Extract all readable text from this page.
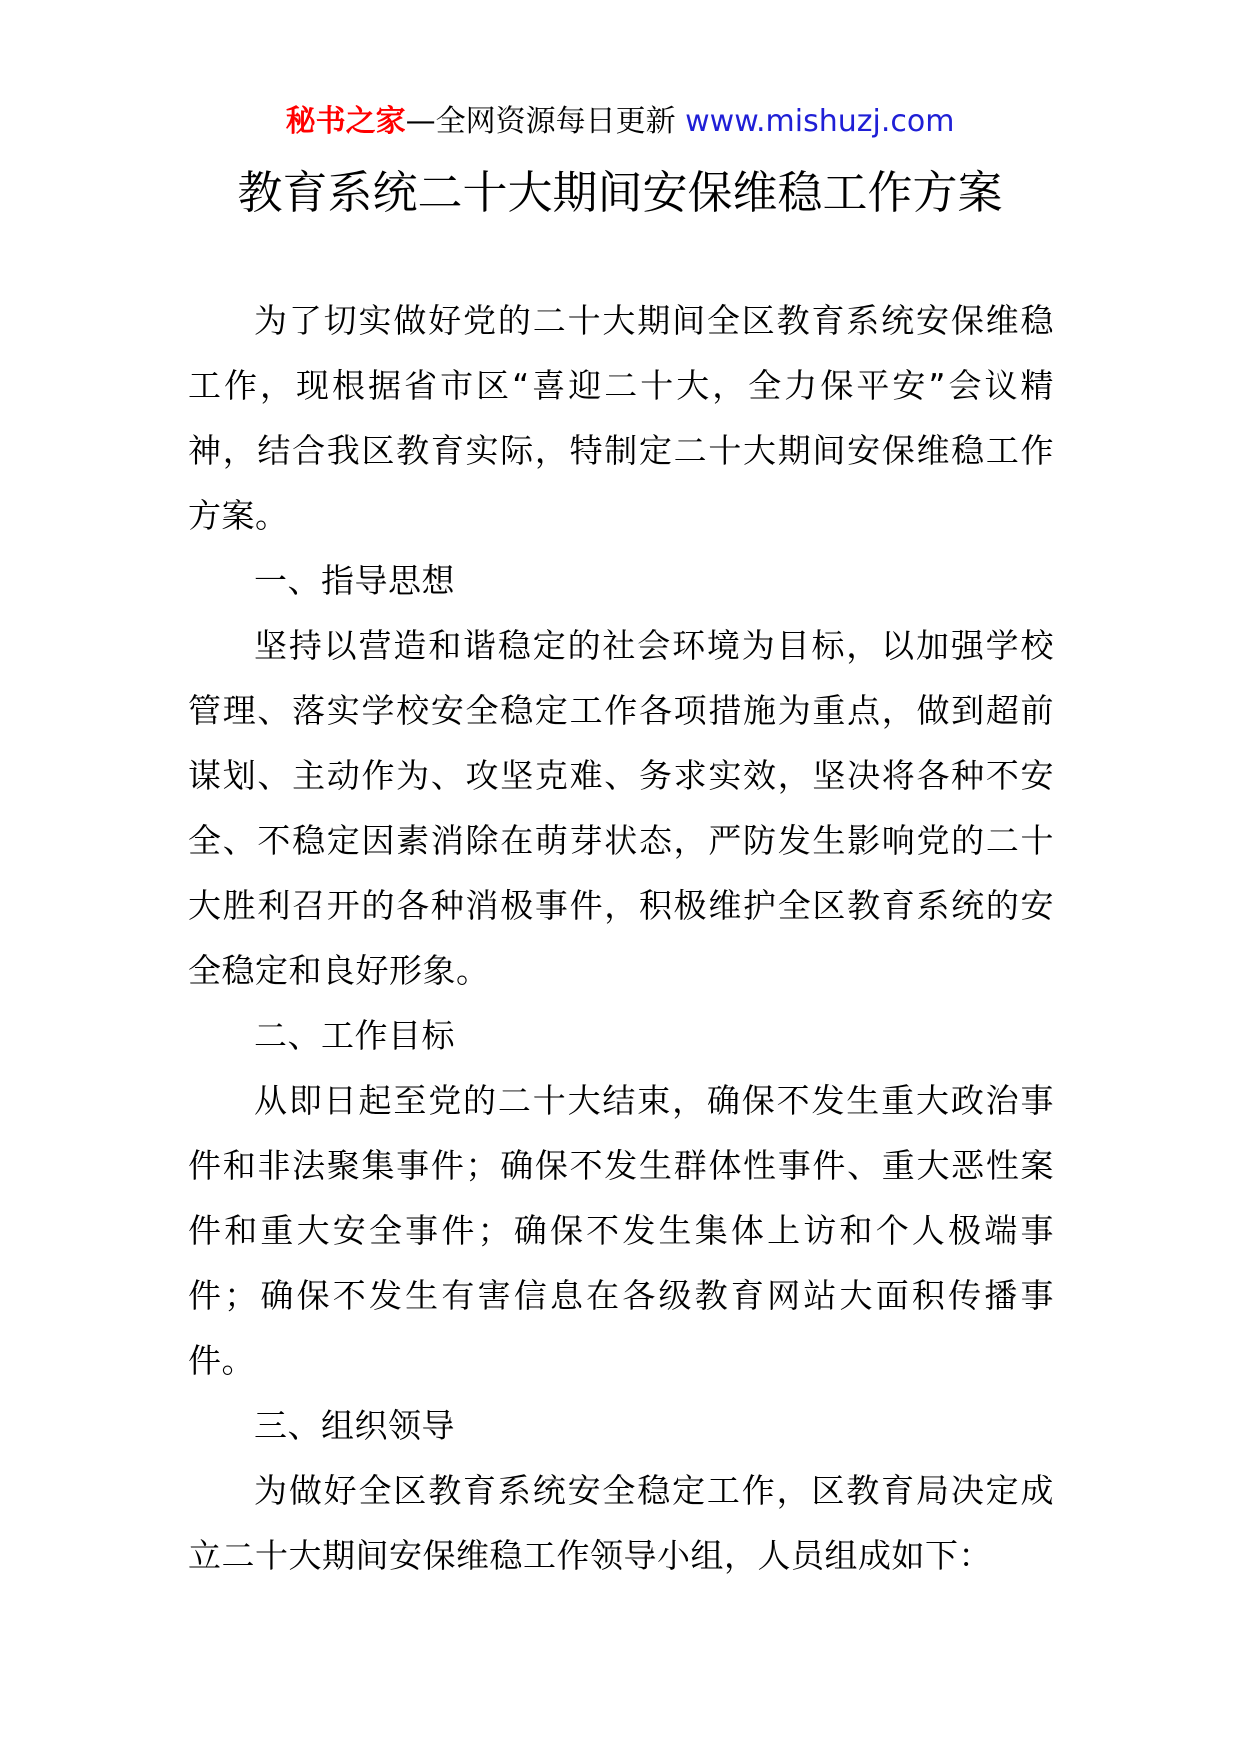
秘书之家—全网资源每日更新 www.mishuzj.com
教育系统二十大期间安保维稳工作方案

为了切实做好党的二十大期间全区教育系统安保维稳工作，现根据省市区“喜迎二十大，全力保平安”会议精神，结合我区教育实际，特制定二十大期间安保维稳工作方案。

一、指导思想

坚持以营造和谐稳定的社会环境为目标，以加强学校管理、落实学校安全稳定工作各项措施为重点，做到超前谋划、主动作为、攻坚克难、务求实效，坚决将各种不安全、不稳定因素消除在萌芽状态，严防发生影响党的二十大胜利召开的各种消极事件，积极维护全区教育系统的安全稳定和良好形象。

二、工作目标

从即日起至党的二十大结束，确保不发生重大政治事件和非法聚集事件；确保不发生群体性事件、重大恶性案件和重大安全事件；确保不发生集体上访和个人极端事件；确保不发生有害信息在各级教育网站大面积传播事件。

三、组织领导

为做好全区教育系统安全稳定工作，区教育局决定成立二十大期间安保维稳工作领导小组，人员组成如下：
